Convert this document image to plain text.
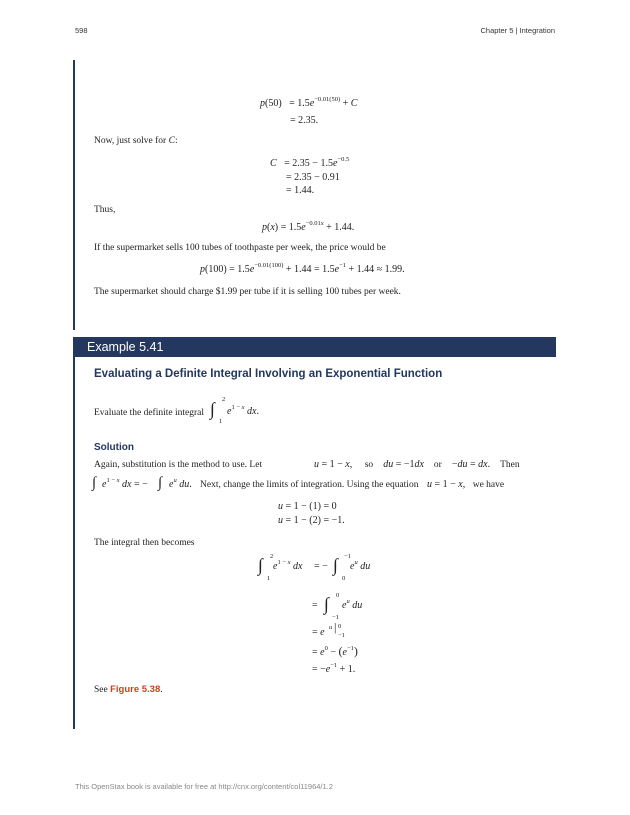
598	Chapter 5 | Integration
$p(50) = 1.5e^{-0.01(50)} + C$
= 2.35.
Now, just solve for C:
$C = 2.35 - 1.5e^{-0.5}$
= 2.35 − 0.91
= 1.44.
Thus,
$p(x) = 1.5e^{-0.01x} + 1.44$.
If the supermarket sells 100 tubes of toothpaste per week, the price would be
$p(100) = 1.5e^{-0.01(100)} + 1.44 = 1.5e^{-1} + 1.44 \approx 1.99$.
The supermarket should charge $1.99 per tube if it is selling 100 tubes per week.
Example 5.41
Evaluating a Definite Integral Involving an Exponential Function
Evaluate the definite integral ∫ 2
1
$e^{1 - x}$ dx.
Solution
Again, substitution is the method to use. Let	u = 1 − x,     so du = −1dx or    −du = dx.    Then
∫ $e^{1 - x}$ dx = − ∫ $e^u$ du. Next, change the limits of integration. Using the equation u = 1 − x,   we have
u = 1 − (1) = 0
u = 1 − (2) = −1.
The integral then becomes
∫ 2
1
$e^{1 - x}$ dx = − ∫ −1
0
$e^u$ du
= ∫ 0
−1
$e^u$ du
= e u | 0
−1
= $e^0 - (e^{-1})$
= $-e^{-1} + 1$.
See Figure 5.38.
This OpenStax book is available for free at http://cnx.org/content/col11964/1.2
